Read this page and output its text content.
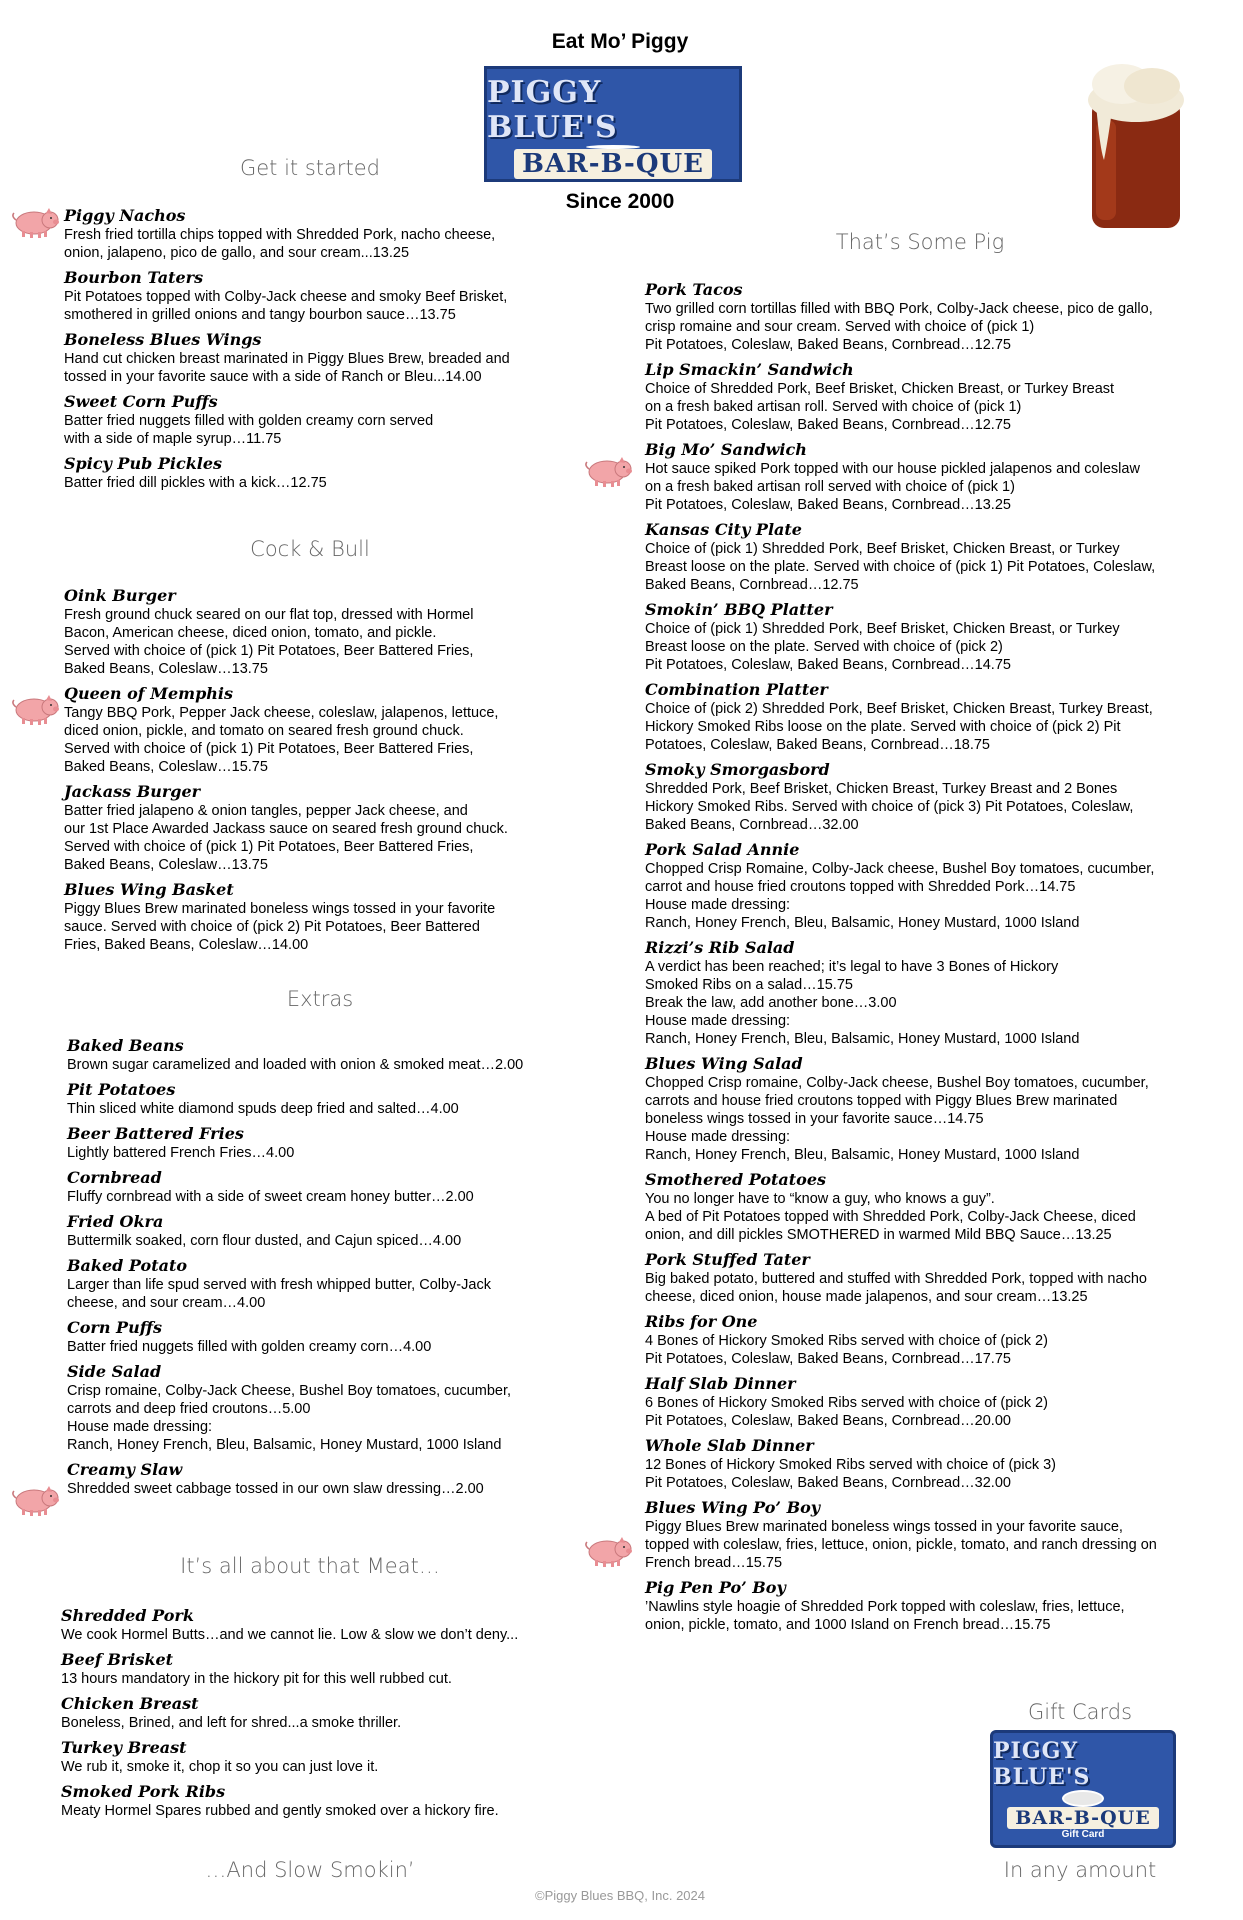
Eat Mo’ Piggy
PIGGY BLUE'S
BAR-B-QUE
Since 2000
Get it started
Piggy Nachos
Fresh fried tortilla chips topped with Shredded Pork, nacho cheese,
onion, jalapeno, pico de gallo, and sour cream...13.25
Bourbon Taters
Pit Potatoes topped with Colby-Jack cheese and smoky Beef Brisket,
smothered in grilled onions and tangy bourbon sauce…13.75
Boneless Blues Wings
Hand cut chicken breast marinated in Piggy Blues Brew, breaded and
tossed in your favorite sauce with a side of Ranch or Bleu...14.00
Sweet Corn Puffs
Batter fried nuggets filled with golden creamy corn served
with a side of maple syrup…11.75
Spicy Pub Pickles
Batter fried dill pickles with a kick…12.75
Cock & Bull
Oink Burger
Fresh ground chuck seared on our flat top, dressed with Hormel
Bacon, American cheese, diced onion, tomato, and pickle.
Served with choice of (pick 1) Pit Potatoes, Beer Battered Fries,
Baked Beans, Coleslaw…13.75
Queen of Memphis
Tangy BBQ Pork, Pepper Jack cheese, coleslaw, jalapenos, lettuce,
diced onion, pickle, and tomato on seared fresh ground chuck.
Served with choice of (pick 1) Pit Potatoes, Beer Battered Fries,
Baked Beans, Coleslaw…15.75
Jackass Burger
Batter fried jalapeno & onion tangles, pepper Jack cheese, and
our 1st Place Awarded Jackass sauce on seared fresh ground chuck.
Served with choice of (pick 1) Pit Potatoes, Beer Battered Fries,
Baked Beans, Coleslaw…13.75
Blues Wing Basket
Piggy Blues Brew marinated boneless wings tossed in your favorite
sauce. Served with choice of (pick 2) Pit Potatoes, Beer Battered
Fries, Baked Beans, Coleslaw…14.00
Extras
Baked Beans
Brown sugar caramelized and loaded with onion & smoked meat…2.00
Pit Potatoes
Thin sliced white diamond spuds deep fried and salted…4.00
Beer Battered Fries
Lightly battered French Fries…4.00
Cornbread
Fluffy cornbread with a side of sweet cream honey butter…2.00
Fried Okra
Buttermilk soaked, corn flour dusted, and Cajun spiced…4.00
Baked Potato
Larger than life spud served with fresh whipped butter, Colby-Jack
cheese, and sour cream…4.00
Corn Puffs
Batter fried nuggets filled with golden creamy corn…4.00
Side Salad
Crisp romaine, Colby-Jack Cheese, Bushel Boy tomatoes, cucumber,
carrots and deep fried croutons…5.00
House made dressing:
Ranch, Honey French, Bleu, Balsamic, Honey Mustard, 1000 Island
Creamy Slaw
Shredded sweet cabbage tossed in our own slaw dressing…2.00
It’s all about that Meat…
Shredded Pork
We cook Hormel Butts…and we cannot lie. Low & slow we don’t deny...
Beef Brisket
13 hours mandatory in the hickory pit for this well rubbed cut.
Chicken Breast
Boneless, Brined, and left for shred...a smoke thriller.
Turkey Breast
We rub it, smoke it, chop it so you can just love it.
Smoked Pork Ribs
Meaty Hormel Spares rubbed and gently smoked over a hickory fire.
…And Slow Smokin’
That’s Some Pig
Pork Tacos
Two grilled corn tortillas filled with BBQ Pork, Colby-Jack cheese, pico de gallo,
crisp romaine and sour cream. Served with choice of (pick 1)
Pit Potatoes, Coleslaw, Baked Beans, Cornbread…12.75
Lip Smackin’ Sandwich
Choice of Shredded Pork, Beef Brisket, Chicken Breast, or Turkey Breast
on a fresh baked artisan roll. Served with choice of (pick 1)
Pit Potatoes, Coleslaw, Baked Beans, Cornbread…12.75
Big Mo’ Sandwich
Hot sauce spiked Pork topped with our house pickled jalapenos and coleslaw
on a fresh baked artisan roll served with choice of (pick 1)
Pit Potatoes, Coleslaw, Baked Beans, Cornbread…13.25
Kansas City Plate
Choice of (pick 1) Shredded Pork, Beef Brisket, Chicken Breast, or Turkey
Breast loose on the plate. Served with choice of (pick 1) Pit Potatoes, Coleslaw,
Baked Beans, Cornbread…12.75
Smokin’ BBQ Platter
Choice of (pick 1) Shredded Pork, Beef Brisket, Chicken Breast, or Turkey
Breast loose on the plate. Served with choice of (pick 2)
Pit Potatoes, Coleslaw, Baked Beans, Cornbread…14.75
Combination Platter
Choice of (pick 2) Shredded Pork, Beef Brisket, Chicken Breast, Turkey Breast,
Hickory Smoked Ribs loose on the plate. Served with choice of (pick 2) Pit
Potatoes, Coleslaw, Baked Beans, Cornbread…18.75
Smoky Smorgasbord
Shredded Pork, Beef Brisket, Chicken Breast, Turkey Breast and 2 Bones
Hickory Smoked Ribs. Served with choice of (pick 3) Pit Potatoes, Coleslaw,
Baked Beans, Cornbread…32.00
Pork Salad Annie
Chopped Crisp Romaine, Colby-Jack cheese, Bushel Boy tomatoes, cucumber,
carrot and house fried croutons topped with Shredded Pork…14.75
House made dressing:
Ranch, Honey French, Bleu, Balsamic, Honey Mustard, 1000 Island
Rizzi’s Rib Salad
A verdict has been reached; it’s legal to have 3 Bones of Hickory
Smoked Ribs on a salad…15.75
Break the law, add another bone…3.00
House made dressing:
Ranch, Honey French, Bleu, Balsamic, Honey Mustard, 1000 Island
Blues Wing Salad
Chopped Crisp romaine, Colby-Jack cheese, Bushel Boy tomatoes, cucumber,
carrots and house fried croutons topped with Piggy Blues Brew marinated
boneless wings tossed in your favorite sauce…14.75
House made dressing:
Ranch, Honey French, Bleu, Balsamic, Honey Mustard, 1000 Island
Smothered Potatoes
You no longer have to “know a guy, who knows a guy”.
A bed of Pit Potatoes topped with Shredded Pork, Colby-Jack Cheese, diced
onion, and dill pickles SMOTHERED in warmed Mild BBQ Sauce…13.25
Pork Stuffed Tater
Big baked potato, buttered and stuffed with Shredded Pork, topped with nacho
cheese, diced onion, house made jalapenos, and sour cream…13.25
Ribs for One
4 Bones of Hickory Smoked Ribs served with choice of (pick 2)
Pit Potatoes, Coleslaw, Baked Beans, Cornbread…17.75
Half Slab Dinner
6 Bones of Hickory Smoked Ribs served with choice of (pick 2)
Pit Potatoes, Coleslaw, Baked Beans, Cornbread…20.00
Whole Slab Dinner
12 Bones of Hickory Smoked Ribs served with choice of (pick 3)
Pit Potatoes, Coleslaw, Baked Beans, Cornbread…32.00
Blues Wing Po’ Boy
Piggy Blues Brew marinated boneless wings tossed in your favorite sauce,
topped with coleslaw, fries, lettuce, onion, pickle, tomato, and ranch dressing on
French bread…15.75
Pig Pen Po’ Boy
’Nawlins style hoagie of Shredded Pork topped with coleslaw, fries, lettuce,
onion, pickle, tomato, and 1000 Island on French bread…15.75
Gift Cards
PIGGY BLUE'S
BAR-B-QUE
Gift Card
In any amount
©Piggy Blues BBQ, Inc. 2024
